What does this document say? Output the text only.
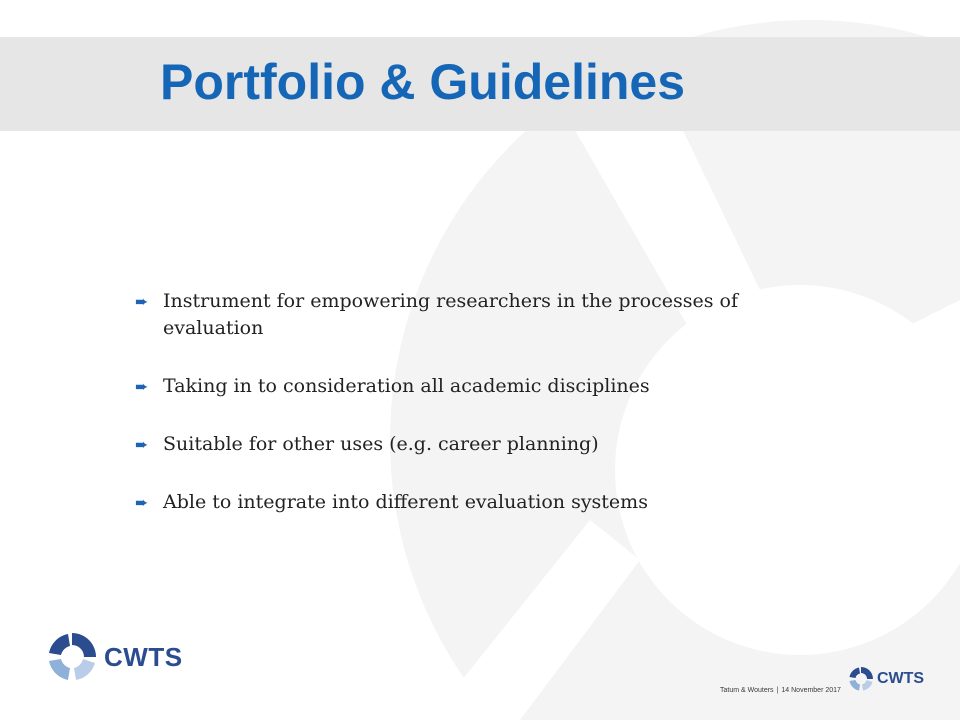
Portfolio & Guidelines
➨ Instrument for empowering researchers in the processes of evaluation
➨ Taking in to consideration all academic disciplines
➨ Suitable for other uses (e.g. career planning)
➨ Able to integrate into different evaluation systems
CWTS
Tatum & Wouters | 14 November 2017
CWTS
